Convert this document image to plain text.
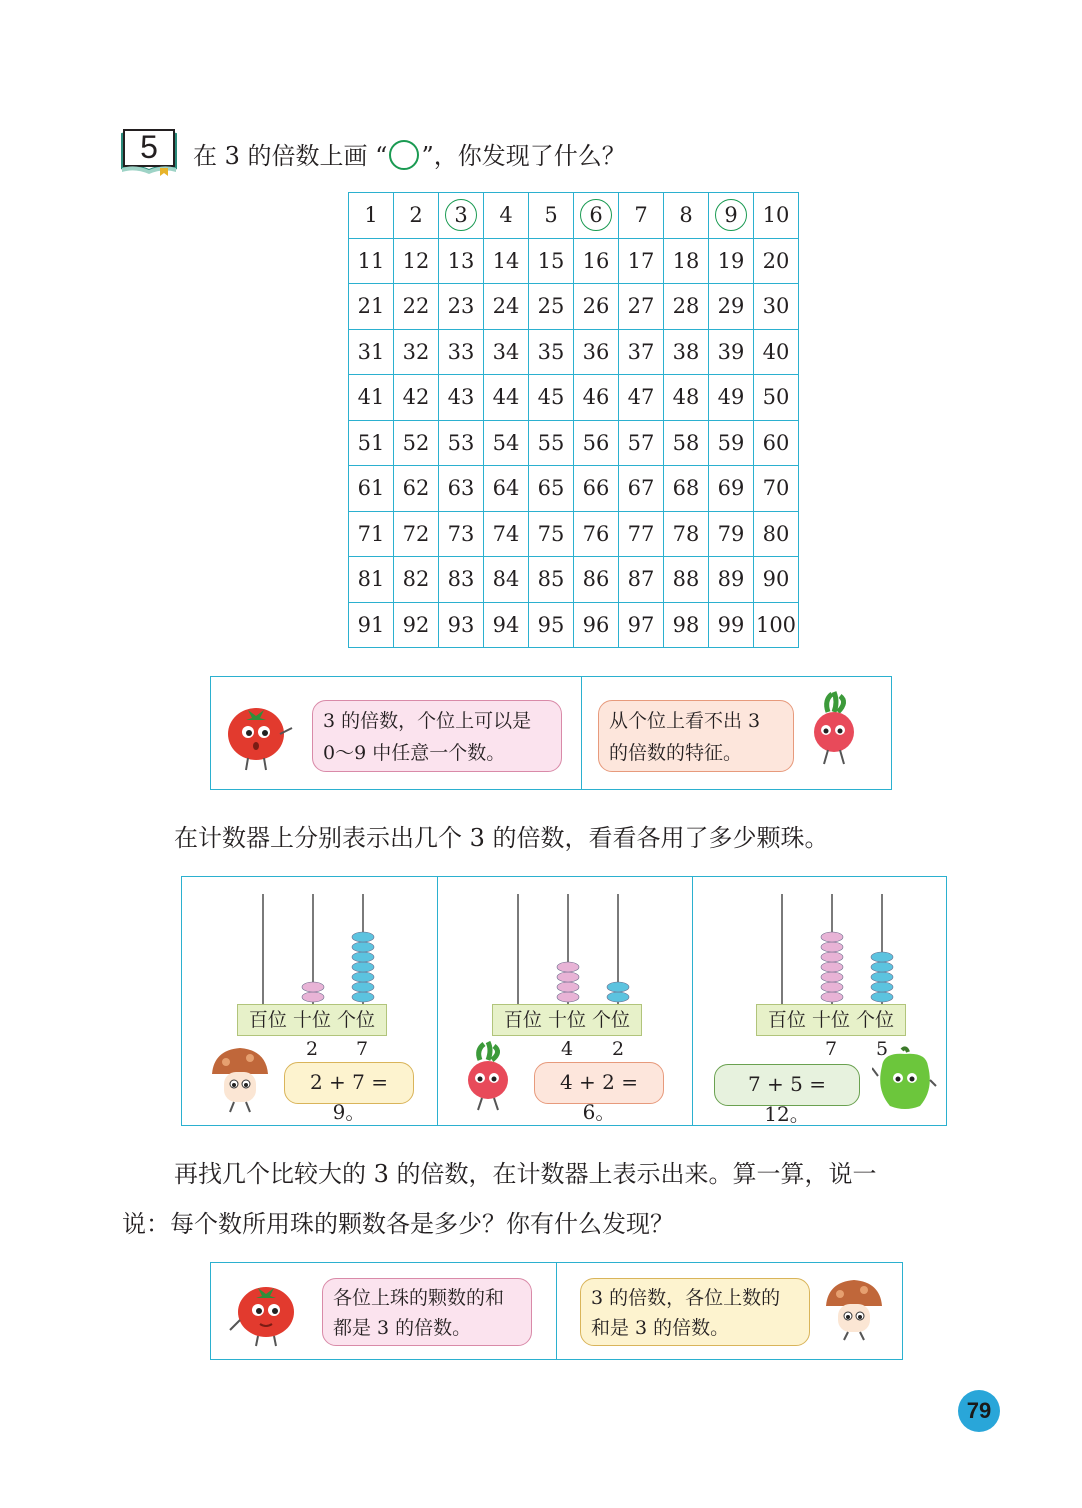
5	在 3 的倍数上画 “ ”，你发现了什么？
1	2	3	4	5	6	7	8	9	10
11	12	13	14	15	16	17	18	19	20
21	22	23	24	25	26	27	28	29	30
31	32	33	34	35	36	37	38	39	40
41	42	43	44	45	46	47	48	49	50
51	52	53	54	55	56	57	58	59	60
61	62	63	64	65	66	67	68	69	70
71	72	73	74	75	76	77	78	79	80
81	82	83	84	85	86	87	88	89	90
91	92	93	94	95	96	97	98	99	100
3 的倍数，个位上可以是
0～9 中任意一个数。
从个位上看不出 3
的倍数的特征。
在计数器上分别表示出几个 3 的倍数，看看各用了多少颗珠。
百位 十位 个位	百位 十位 个位	百位 十位 个位
2 7	4 2	7 5
2 + 7 = 9。
4 + 2 = 6。
7 + 5 = 12。
再找几个比较大的 3 的倍数，在计数器上表示出来。算一算，说一
说：每个数所用珠的颗数各是多少？你有什么发现？
各位上珠的颗数的和
都是 3 的倍数。
3 的倍数，各位上数的
和是 3 的倍数。
79
